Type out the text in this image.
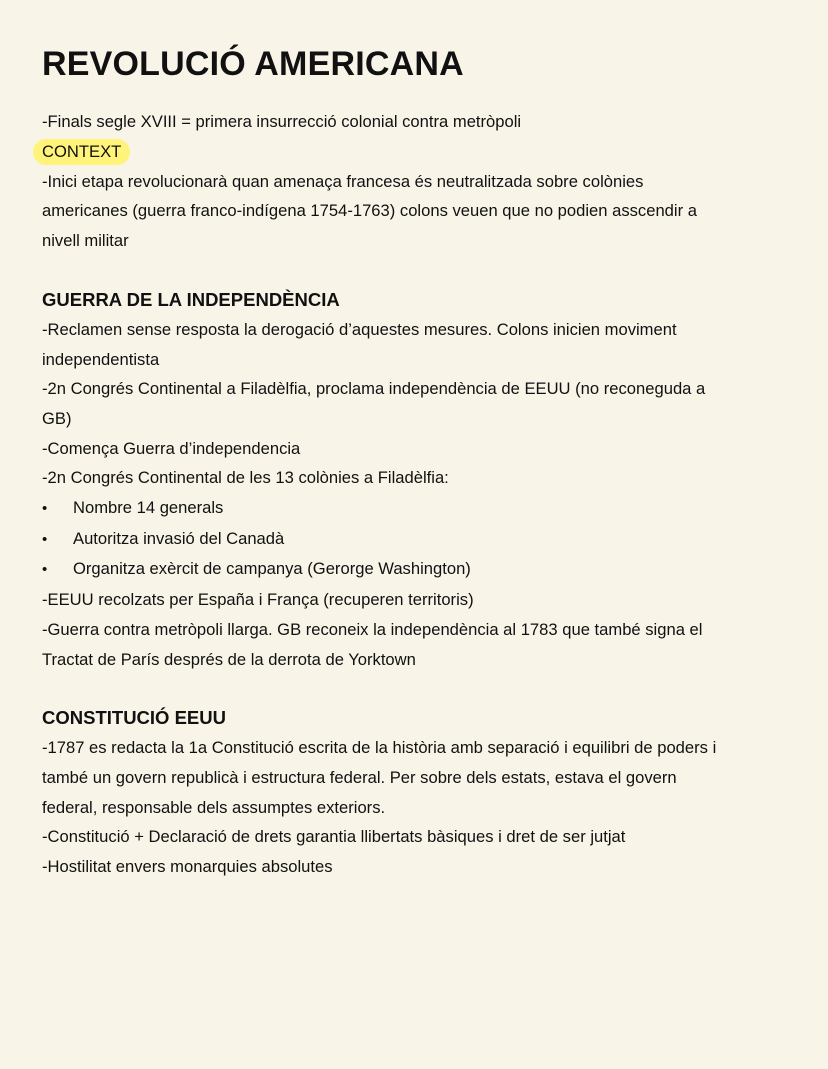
REVOLUCIÓ AMERICANA
-Finals segle XVIII = primera insurrecció colonial contra metròpoli
CONTEXT
-Inici etapa revolucionarà quan amenaça francesa és neutralitzada sobre colònies
americanes (guerra franco-indígena 1754-1763) colons veuen que no podien asscendir a
nivell militar
GUERRA DE LA INDEPENDÈNCIA
-Reclamen sense resposta la derogació d’aquestes mesures. Colons inicien moviment
independentista
-2n Congrés Continental a Filadèlfia, proclama independència de EEUU (no reconeguda a
GB)
-Comença Guerra d’independencia
-2n Congrés Continental de les 13 colònies a Filadèlfia:
•	Nombre 14 generals
•	Autoritza invasió del Canadà
•	Organitza exèrcit de campanya (Gerorge Washington)
-EEUU recolzats per España i França (recuperen territoris)
-Guerra contra metròpoli llarga. GB reconeix la independència al 1783 que també signa el
Tractat de París després de la derrota de Yorktown
CONSTITUCIÓ EEUU
-1787 es redacta la 1a Constitució escrita de la història amb separació i equilibri de poders i
també un govern republicà i estructura federal. Per sobre dels estats, estava el govern
federal, responsable dels assumptes exteriors.
-Constitució + Declaració de drets garantia llibertats bàsiques i dret de ser jutjat
-Hostilitat envers monarquies absolutes
